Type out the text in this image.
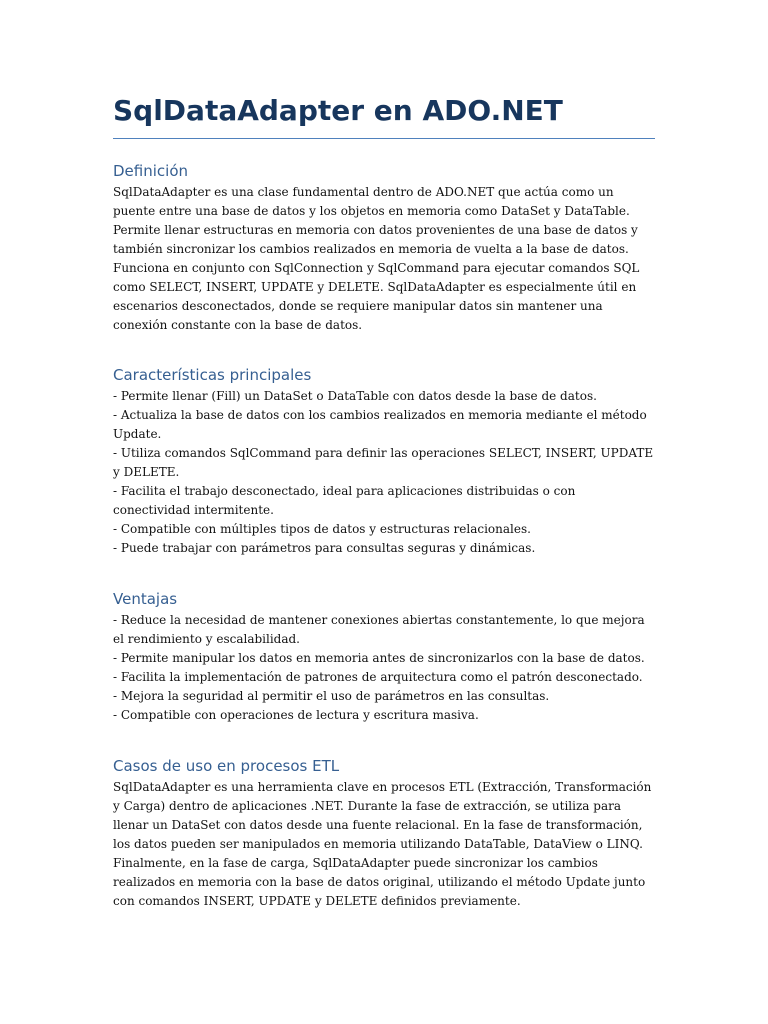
SqlDataAdapter en ADO.NET
Definición

SqlDataAdapter es una clase fundamental dentro de ADO.NET que actúa como un puente entre una base de datos y los objetos en memoria como DataSet y DataTable. Permite llenar estructuras en memoria con datos provenientes de una base de datos y también sincronizar los cambios realizados en memoria de vuelta a la base de datos. Funciona en conjunto con SqlConnection y SqlCommand para ejecutar comandos SQL como SELECT, INSERT, UPDATE y DELETE. SqlDataAdapter es especialmente útil en escenarios desconectados, donde se requiere manipular datos sin mantener una conexión constante con la base de datos.

Características principales
- Permite llenar (Fill) un DataSet o DataTable con datos desde la base de datos.
- Actualiza la base de datos con los cambios realizados en memoria mediante el método Update.
- Utiliza comandos SqlCommand para definir las operaciones SELECT, INSERT, UPDATE y DELETE.
- Facilita el trabajo desconectado, ideal para aplicaciones distribuidas o con conectividad intermitente.
- Compatible con múltiples tipos de datos y estructuras relacionales.
- Puede trabajar con parámetros para consultas seguras y dinámicas.
Ventajas
- Reduce la necesidad de mantener conexiones abiertas constantemente, lo que mejora el rendimiento y escalabilidad.
- Permite manipular los datos en memoria antes de sincronizarlos con la base de datos.
- Facilita la implementación de patrones de arquitectura como el patrón desconectado.
- Mejora la seguridad al permitir el uso de parámetros en las consultas.
- Compatible con operaciones de lectura y escritura masiva.
Casos de uso en procesos ETL

SqlDataAdapter es una herramienta clave en procesos ETL (Extracción, Transformación y Carga) dentro de aplicaciones .NET. Durante la fase de extracción, se utiliza para llenar un DataSet con datos desde una fuente relacional. En la fase de transformación, los datos pueden ser manipulados en memoria utilizando DataTable, DataView o LINQ. Finalmente, en la fase de carga, SqlDataAdapter puede sincronizar los cambios realizados en memoria con la base de datos original, utilizando el método Update junto con comandos INSERT, UPDATE y DELETE definidos previamente.
